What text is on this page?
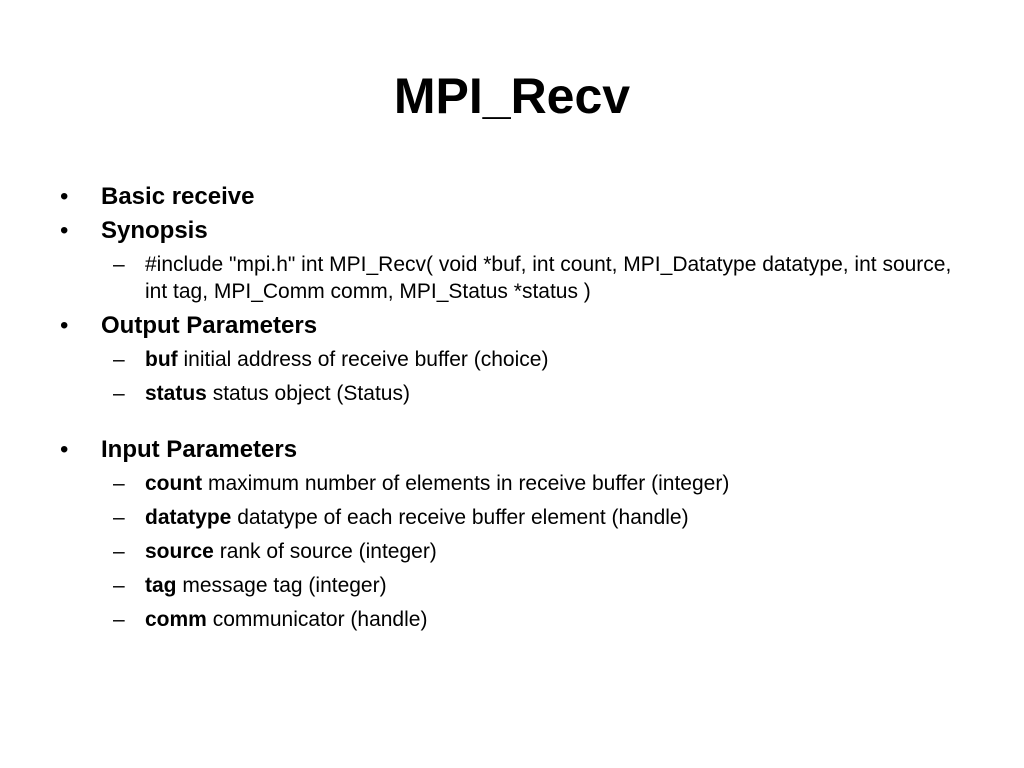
MPI_Recv
• Basic receive
• Synopsis
– #include "mpi.h" int MPI_Recv( void *buf, int count, MPI_Datatype datatype, int source, int tag, MPI_Comm comm, MPI_Status *status )
• Output Parameters
– buf initial address of receive buffer (choice)
– status status object (Status)
• Input Parameters
– count maximum number of elements in receive buffer (integer)
– datatype datatype of each receive buffer element (handle)
– source rank of source (integer)
– tag message tag (integer)
– comm communicator (handle)
